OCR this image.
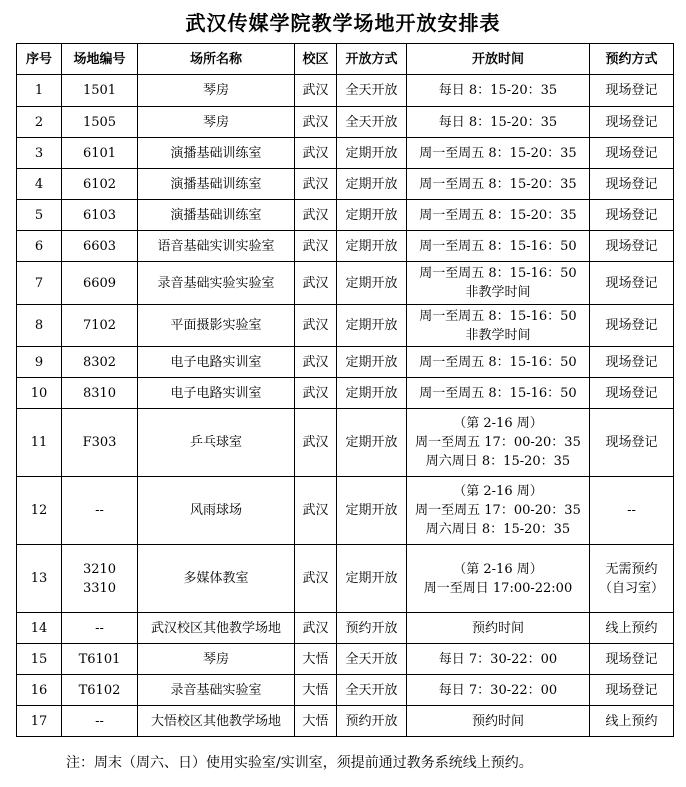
武汉传媒学院教学场地开放安排表
序号	场地编号	场所名称	校区	开放方式	开放时间	预约方式
1	1501	琴房	武汉	全天开放	每日 8：15-20：35	现场登记

2	1505	琴房	武汉	全天开放	每日 8：15-20：35	现场登记

3	6101	演播基础训练室	武汉	定期开放	周一至周五 8：15-20：35	现场登记

4	6102	演播基础训练室	武汉	定期开放	周一至周五 8：15-20：35	现场登记

5	6103	演播基础训练室	武汉	定期开放	周一至周五 8：15-20：35	现场登记

6	6603	语音基础实训实验室	武汉	定期开放	周一至周五 8：15-16：50	现场登记

7	6609	录音基础实验实验室	武汉	定期开放	周一至周五 8：15-16：50
非教学时间	现场登记

8	7102	平面摄影实验室	武汉	定期开放	周一至周五 8：15-16：50
非教学时间	现场登记

9	8302	电子电路实训室	武汉	定期开放	周一至周五 8：15-16：50	现场登记

10	8310	电子电路实训室	武汉	定期开放	周一至周五 8：15-16：50	现场登记

11	F303	乒乓球室	武汉	定期开放	（第 2-16 周）
周一至周五 17：00-20：35
周六周日 8：15-20：35	现场登记

12	--	风雨球场	武汉	定期开放	（第 2-16 周）
周一至周五 17：00-20：35
周六周日 8：15-20：35	--

13	3210
3310	多媒体教室	武汉	定期开放	（第 2-16 周）
周一至周日 17:00-22:00	无需预约
（自习室）

14	--	武汉校区其他教学场地	武汉	预约开放	预约时间	线上预约

15	T6101	琴房	大悟	全天开放	每日 7：30-22：00	现场登记

16	T6102	录音基础实验室	大悟	全天开放	每日 7：30-22：00	现场登记

17	--	大悟校区其他教学场地	大悟	预约开放	预约时间	线上预约
注：周末（周六、日）使用实验室/实训室，须提前通过教务系统线上预约。
